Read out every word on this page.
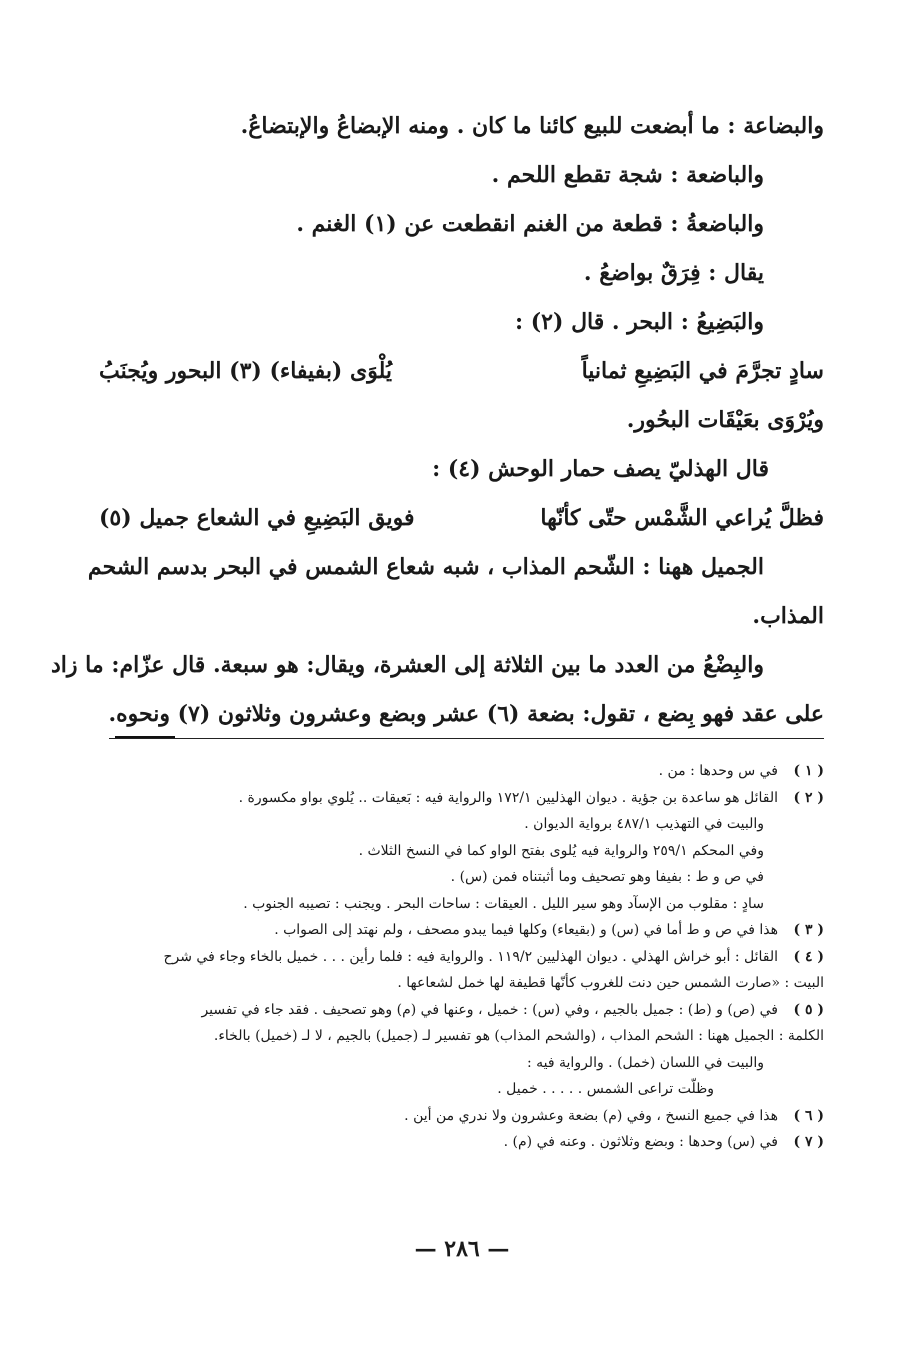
والبضاعة : ما أبضعت للبيع كائنا ما كان . ومنه الإبضاعُ والإبتضاعُ.

والباضعة : شجة تقطع اللحم .

والباضعةُ : قطعة من الغنم انقطعت عن (١) الغنم .

يقال : فِرَقٌ بواضعُ .

والبَضِيعُ : البحر . قال (٢) :

سادٍ تجرَّمَ في البَضِيعِ ثمانياً
يُلْوَى (بفيفاء) (٣) البحور ويُجنَبُ

ويُرْوَى بعَيْقَات البحُور.

قال الهذليّ يصف حمار الوحش (٤) :

فظلَّ يُراعي الشَّمْس حتّى كأنّها
فويق البَضِيعِ في الشعاع جميل (٥)

الجميل ههنا : الشّحم المذاب ، شبه شعاع الشمس في البحر بدسم الشحم

المذاب.

والبِضْعُ من العدد ما بين الثلاثة إلى العشرة، ويقال: هو سبعة. قال عزّام: ما زاد

على عقد فهو بِضع ، تقول: بضعة (٦) عشر وبضع وعشرون وثلاثون (٧) ونحوه.

( ١ )في س وحدها : من .

( ٢ )القائل هو ساعدة بن جؤية . ديوان الهذليين ١٧٢/١ والرواية فيه : بَعيقات .. يُلوي بواو مكسورة .

والبيت في التهذيب ٤٨٧/١ برواية الديوان .

وفي المحكم ٢٥٩/١ والرواية فيه يُلوى بفتح الواو كما في النسخ الثلاث .

في ص و ط : بفيفا وهو تصحيف وما أثبتناه فمن (س) .

سادٍ : مقلوب من الإسآد وهو سير الليل . العيقات : ساحات البحر . ويجنب : تصيبه الجنوب .

( ٣ )هذا في ص و ط أما في (س) و (بقيعاء) وكلها فيما يبدو مصحف ، ولم نهتد إلى الصواب .

( ٤ )القائل : أبو خراش الهذلي . ديوان الهذليين ١١٩/٢ . والرواية فيه : فلما رأين . . . خميل بالخاء وجاء في شرح

البيت : «صارت الشمس حين دنت للغروب كأنّها قطيفة لها خمل لشعاعها .

( ٥ )في (ص) و (ط) : جميل بالجيم ، وفي (س) : خميل ، وعنها في (م) وهو تصحيف . فقد جاء في تفسير

الكلمة : الجميل ههنا : الشحم المذاب ، (والشحم المذاب) هو تفسير لـ (جميل) بالجيم ، لا لـ (خميل) بالخاء.

والبيت في اللسان (خمل) . والرواية فيه :

وظلّت تراعى الشمس . . . . . خميل .

( ٦ )هذا في جميع النسخ ، وفي (م) بضعة وعشرون ولا ندري من أين .

( ٧ )في (س) وحدها : وبضع وثلاثون . وعنه في (م) .

— ٢٨٦ —
